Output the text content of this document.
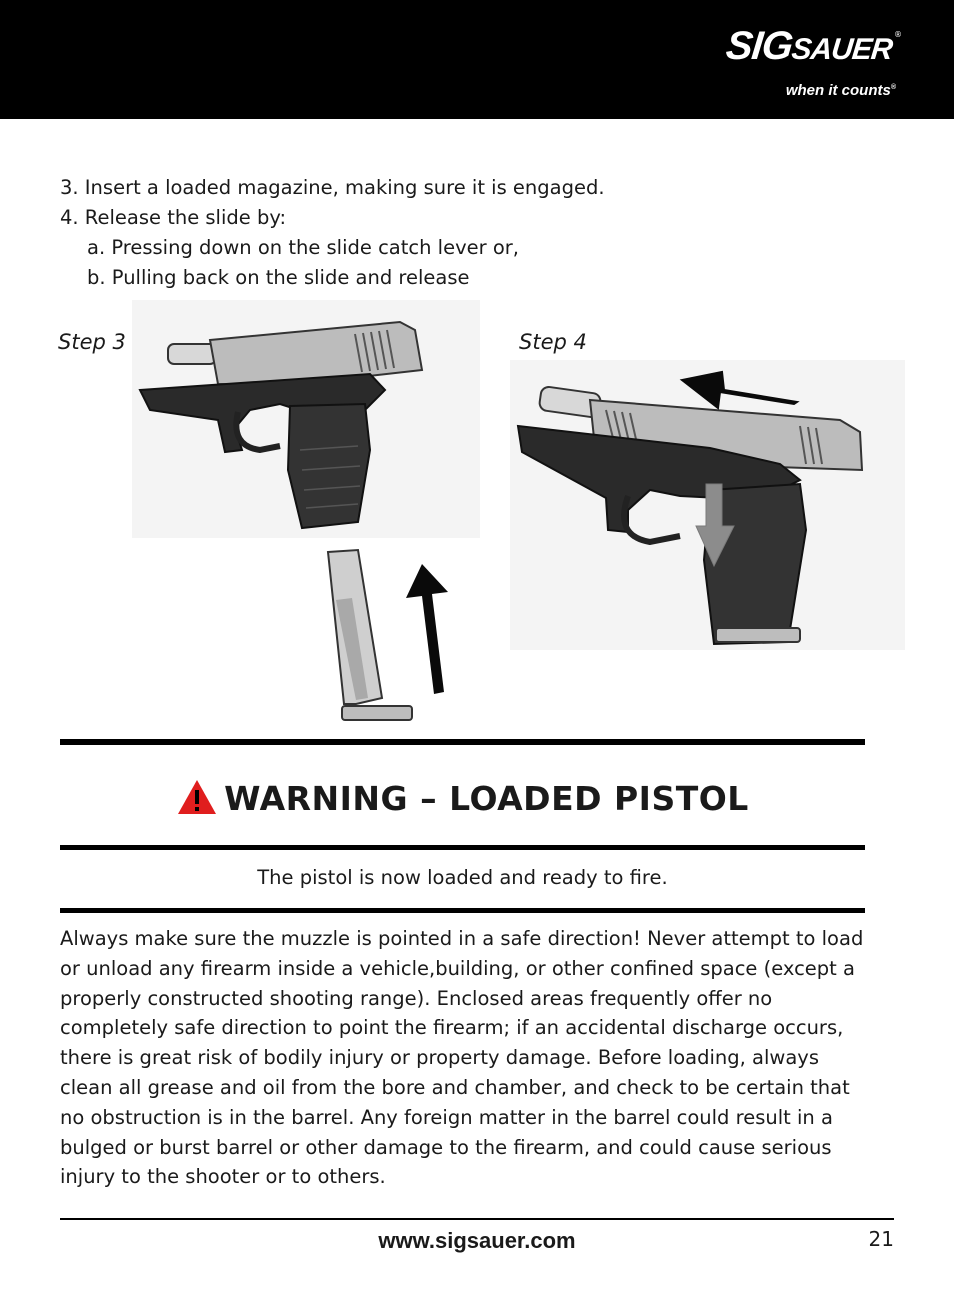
SIGSAUER ®
when it counts®
3. Insert a loaded magazine, making sure it is engaged.
4. Release the slide by:
a. Pressing down on the slide catch lever or,
b. Pulling back on the slide and release
Step 3	Step 4
WARNING – LOADED PISTOL
The pistol is now loaded and ready to fire.
Always make sure the muzzle is pointed in a safe direction! Never attempt to load or unload any firearm inside a vehicle,building, or other confined space (except a properly constructed shooting range). Enclosed areas frequently offer no completely safe direction to point the firearm; if an accidental discharge occurs, there is great risk of bodily injury or property damage. Before loading, always clean all grease and oil from the bore and chamber, and check to be certain that no obstruction is in the barrel. Any foreign matter in the barrel could result in a bulged or burst barrel or other damage to the firearm, and could cause serious injury to the shooter or to others.
www.sigsauer.com	21
